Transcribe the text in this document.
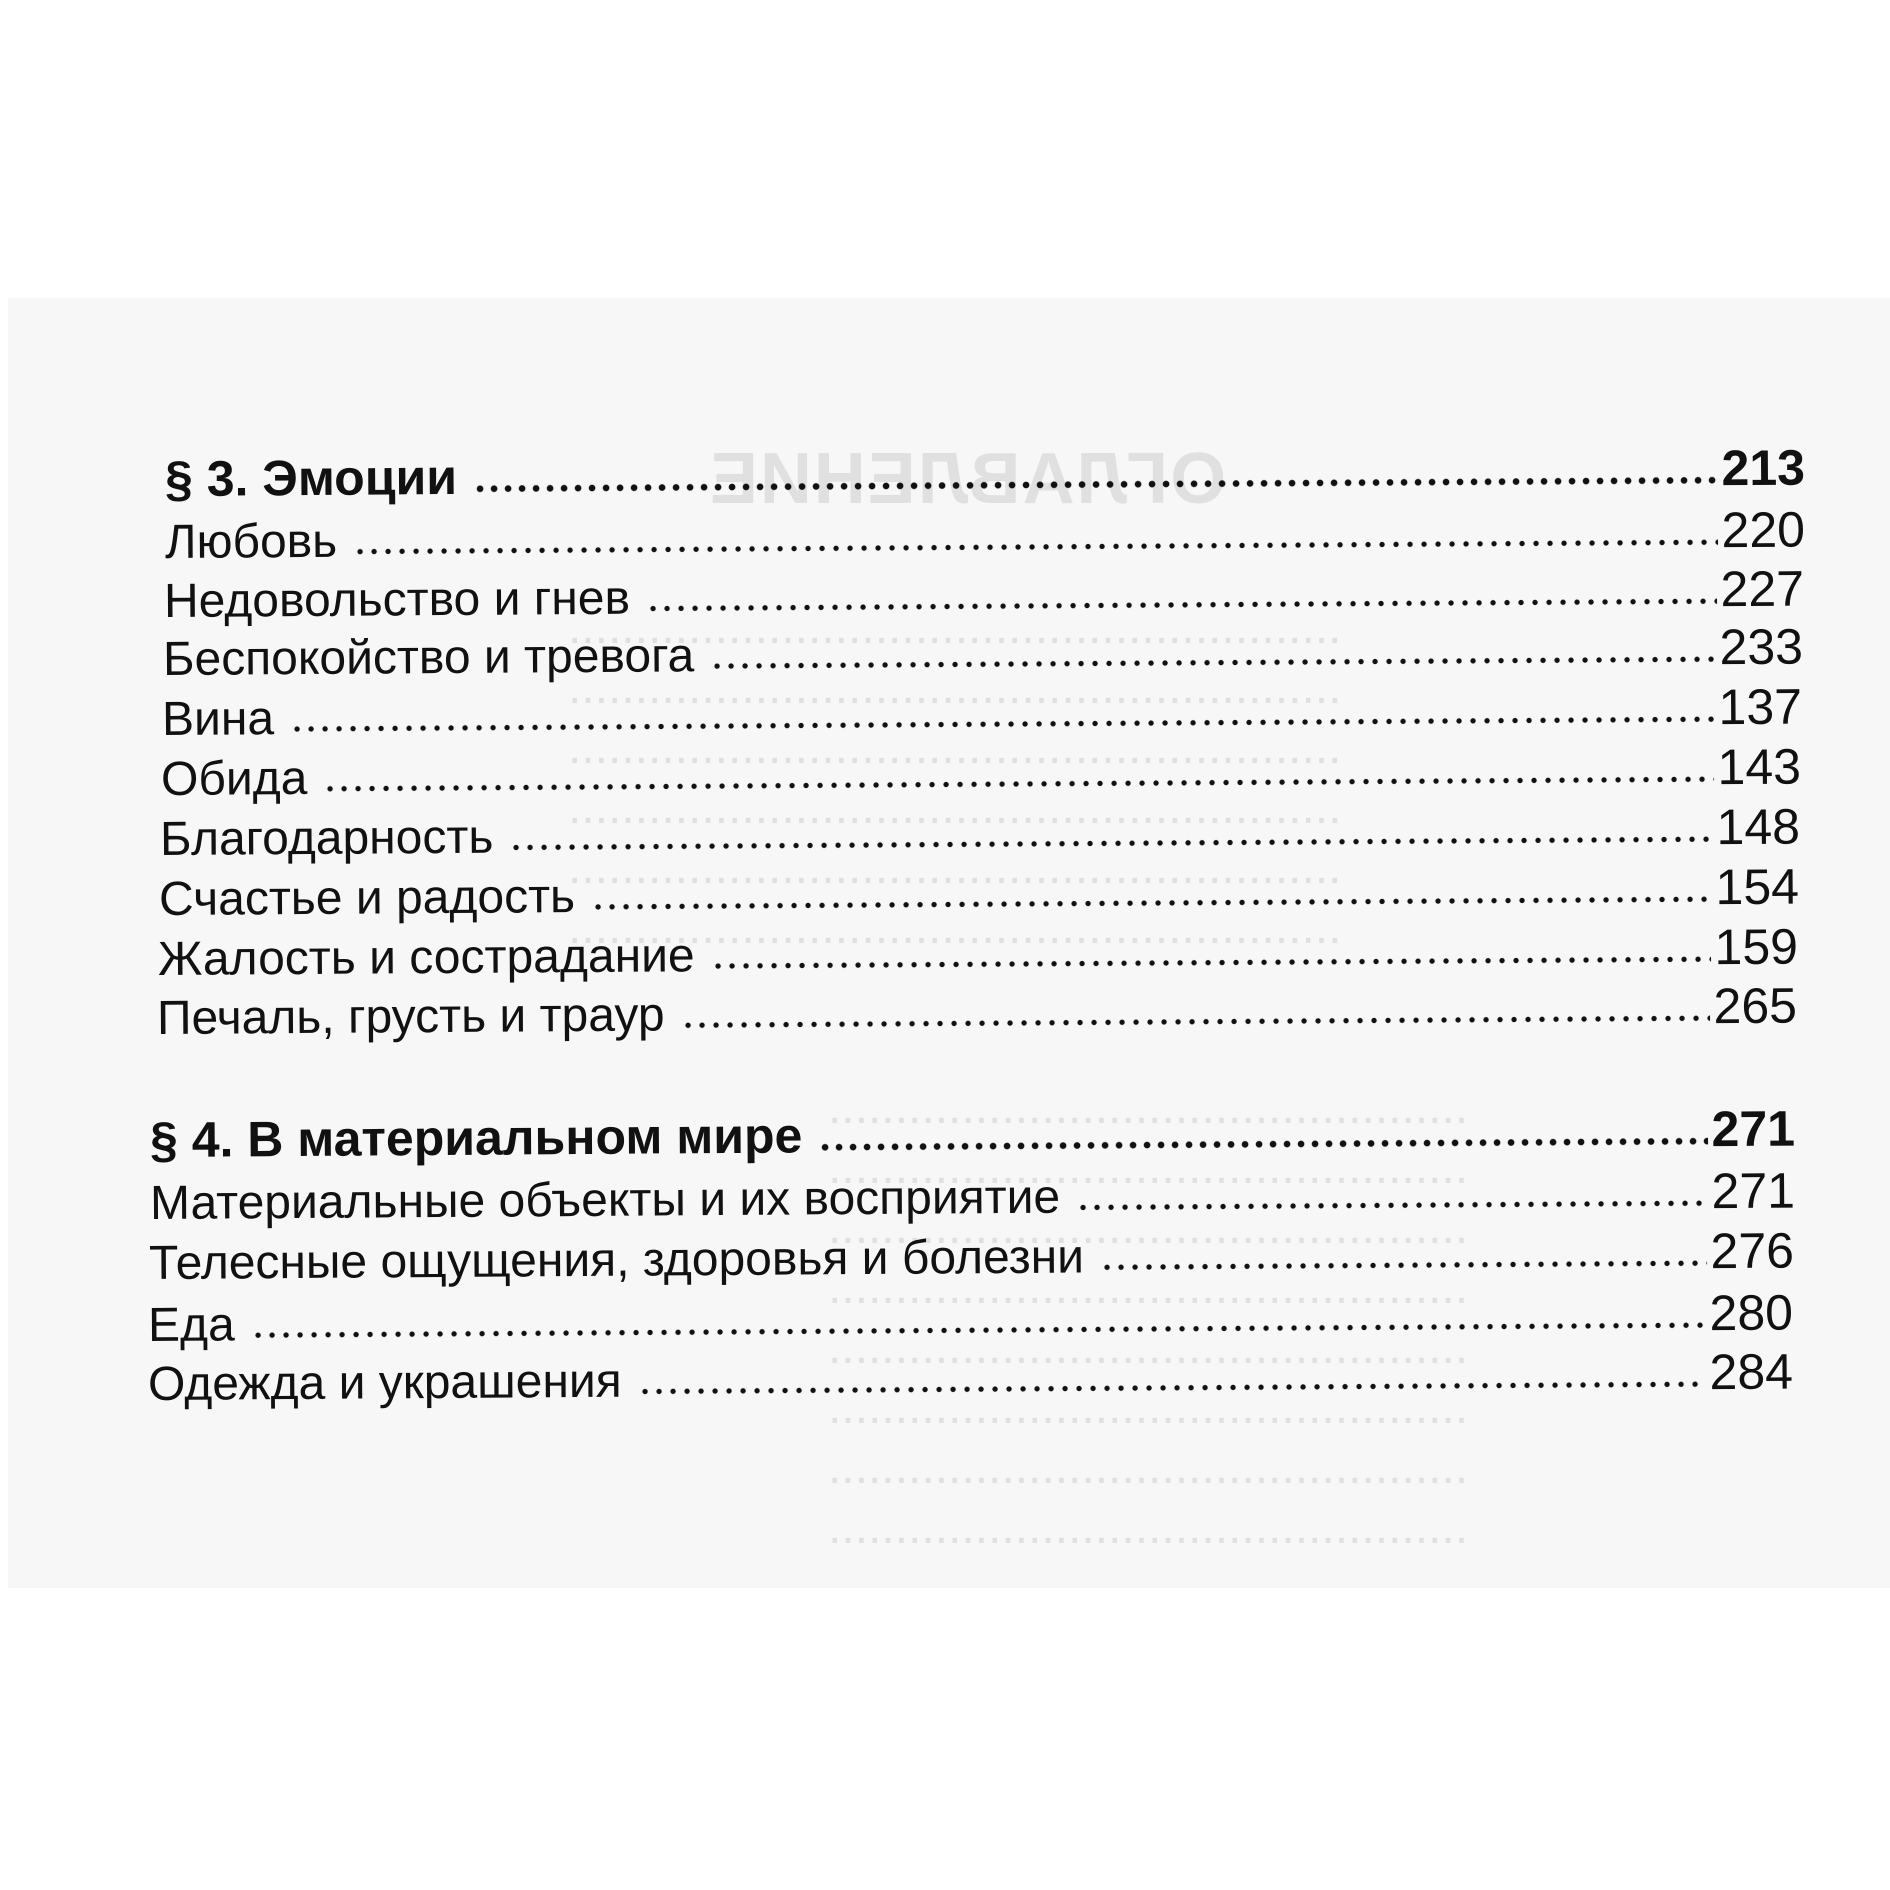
ОГЛАВЛЕНИЕ
..........................................................
..........................................................
..........................................................
..........................................................
..........................................................
..........................................................
................................................
................................................
................................................
................................................
................................................
................................................
................................................
................................................
§ 3. Эмоции	213
Любовь	220
Недовольство и гнев	227
Беспокойство и тревога	233
Вина	137
Обида	143
Благодарность	148
Счастье и радость	154
Жалость и сострадание	159
Печаль, грусть и траур	265
§ 4. В материальном мире	271
Материальные объекты и их восприятие	271
Телесные ощущения, здоровья и болезни	276
Еда	280
Одежда и украшения	284
